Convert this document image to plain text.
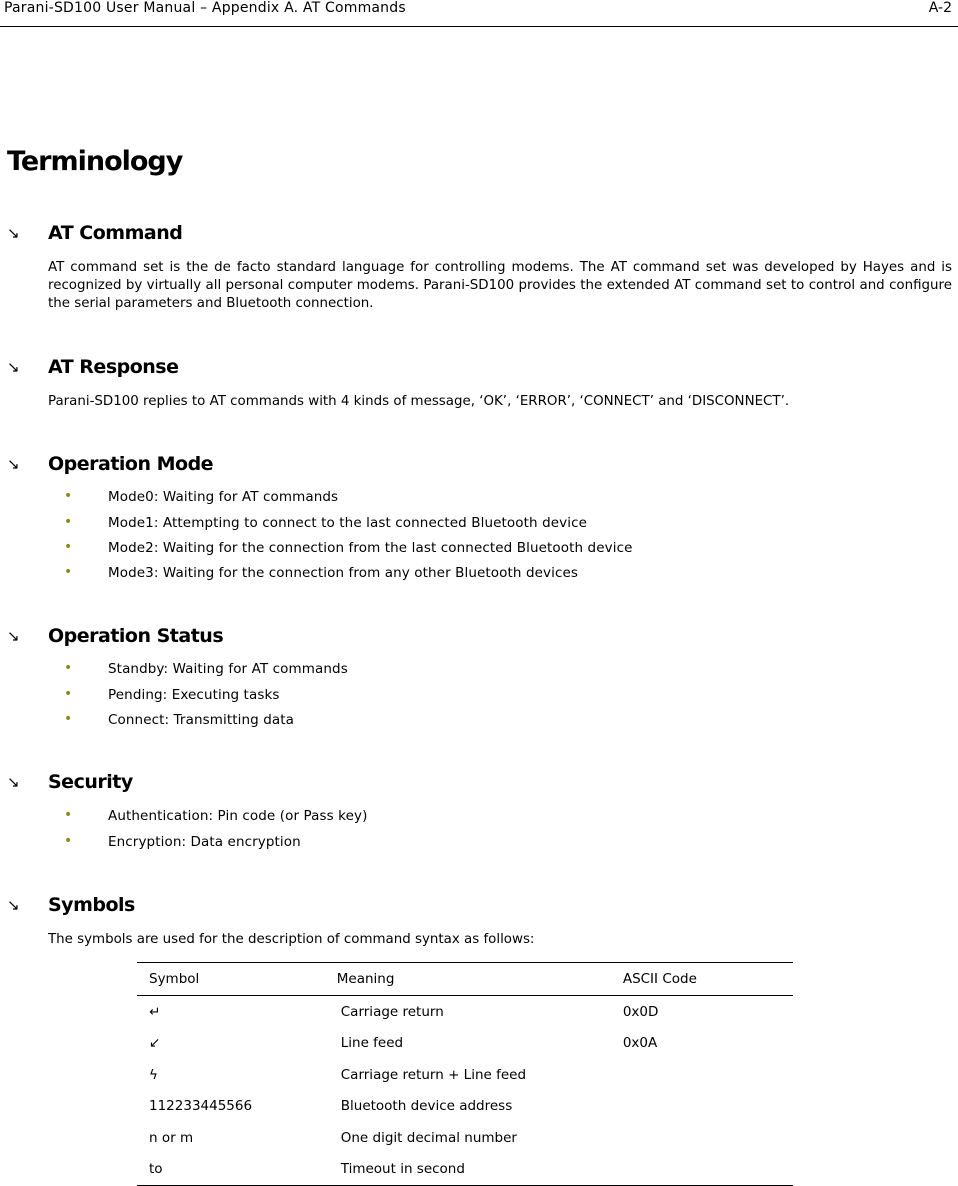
Parani-SD100 User Manual – Appendix A. AT Commands	A-2
Terminology
↘	AT Command

AT command set is the de facto standard language for controlling modems. The AT command set was developed by Hayes and is recognized by virtually all personal computer modems. Parani-SD100 provides the extended AT command set to control and configure the serial parameters and Bluetooth connection.

↘	AT Response

Parani-SD100 replies to AT commands with 4 kinds of message, ‘OK’, ‘ERROR’, ‘CONNECT’ and ‘DISCONNECT’.

↘	Operation Mode
•	Mode0: Waiting for AT commands
•	Mode1: Attempting to connect to the last connected Bluetooth device
•	Mode2: Waiting for the connection from the last connected Bluetooth device
•	Mode3: Waiting for the connection from any other Bluetooth devices
↘	Operation Status
•	Standby: Waiting for AT commands
•	Pending: Executing tasks
•	Connect: Transmitting data
↘	Security
•	Authentication: Pin code (or Pass key)
•	Encryption: Data encryption
↘	Symbols

The symbols are used for the description of command syntax as follows:

Symbol	Meaning	ASCII Code
↵	Carriage return	0x0D
↙	Line feed	0x0A
ϟ	Carriage return + Line feed	
112233445566	Bluetooth device address	
n or m	One digit decimal number	
to	Timeout in second	
